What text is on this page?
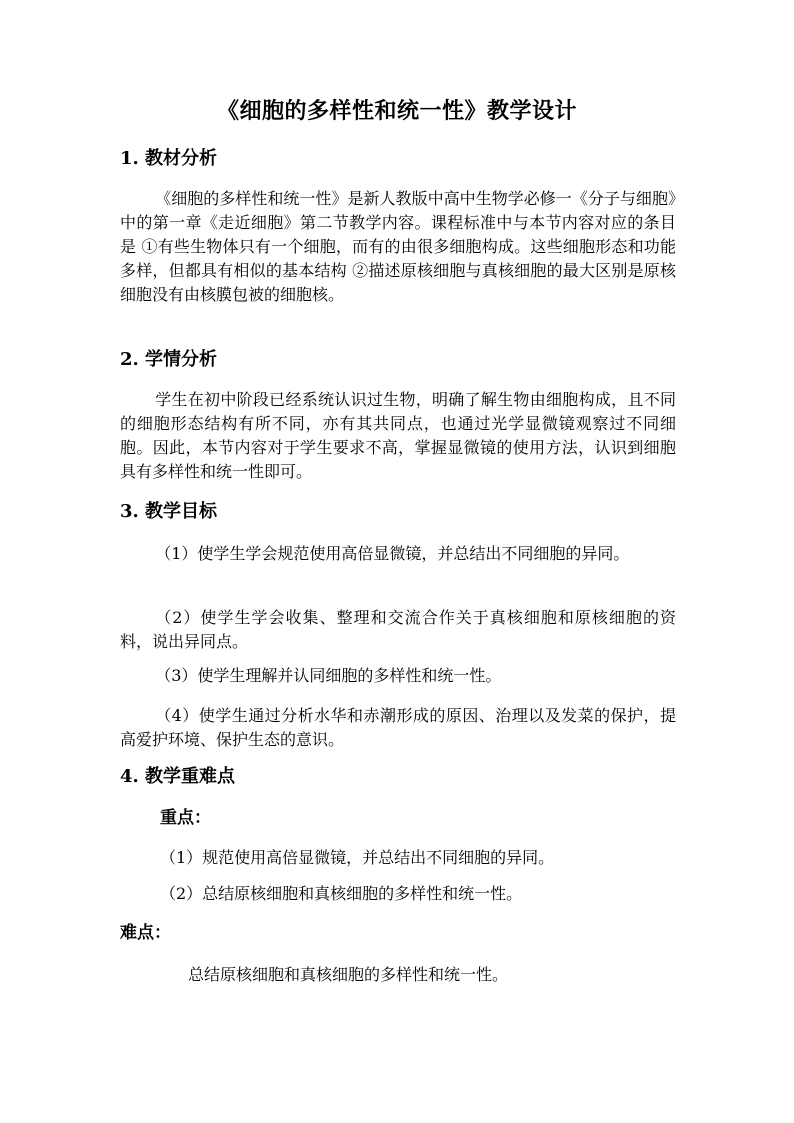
《细胞的多样性和统一性》教学设计
1. 教材分析
《细胞的多样性和统一性》是新人教版中高中生物学必修一《分子与细胞》中的第一章《走近细胞》第二节教学内容。课程标准中与本节内容对应的条目是 ①有些生物体只有一个细胞，而有的由很多细胞构成。这些细胞形态和功能多样，但都具有相似的基本结构 ②描述原核细胞与真核细胞的最大区别是原核细胞没有由核膜包被的细胞核。
2. 学情分析
学生在初中阶段已经系统认识过生物，明确了解生物由细胞构成，且不同的细胞形态结构有所不同，亦有其共同点，也通过光学显微镜观察过不同细胞。因此，本节内容对于学生要求不高，掌握显微镜的使用方法，认识到细胞具有多样性和统一性即可。
3. 教学目标
（1）使学生学会规范使用高倍显微镜，并总结出不同细胞的异同。
（2）使学生学会收集、整理和交流合作关于真核细胞和原核细胞的资料，说出异同点。
（3）使学生理解并认同细胞的多样性和统一性。
（4）使学生通过分析水华和赤潮形成的原因、治理以及发菜的保护，提高爱护环境、保护生态的意识。
4. 教学重难点
重点：
（1）规范使用高倍显微镜，并总结出不同细胞的异同。
（2）总结原核细胞和真核细胞的多样性和统一性。
难点：
总结原核细胞和真核细胞的多样性和统一性。
